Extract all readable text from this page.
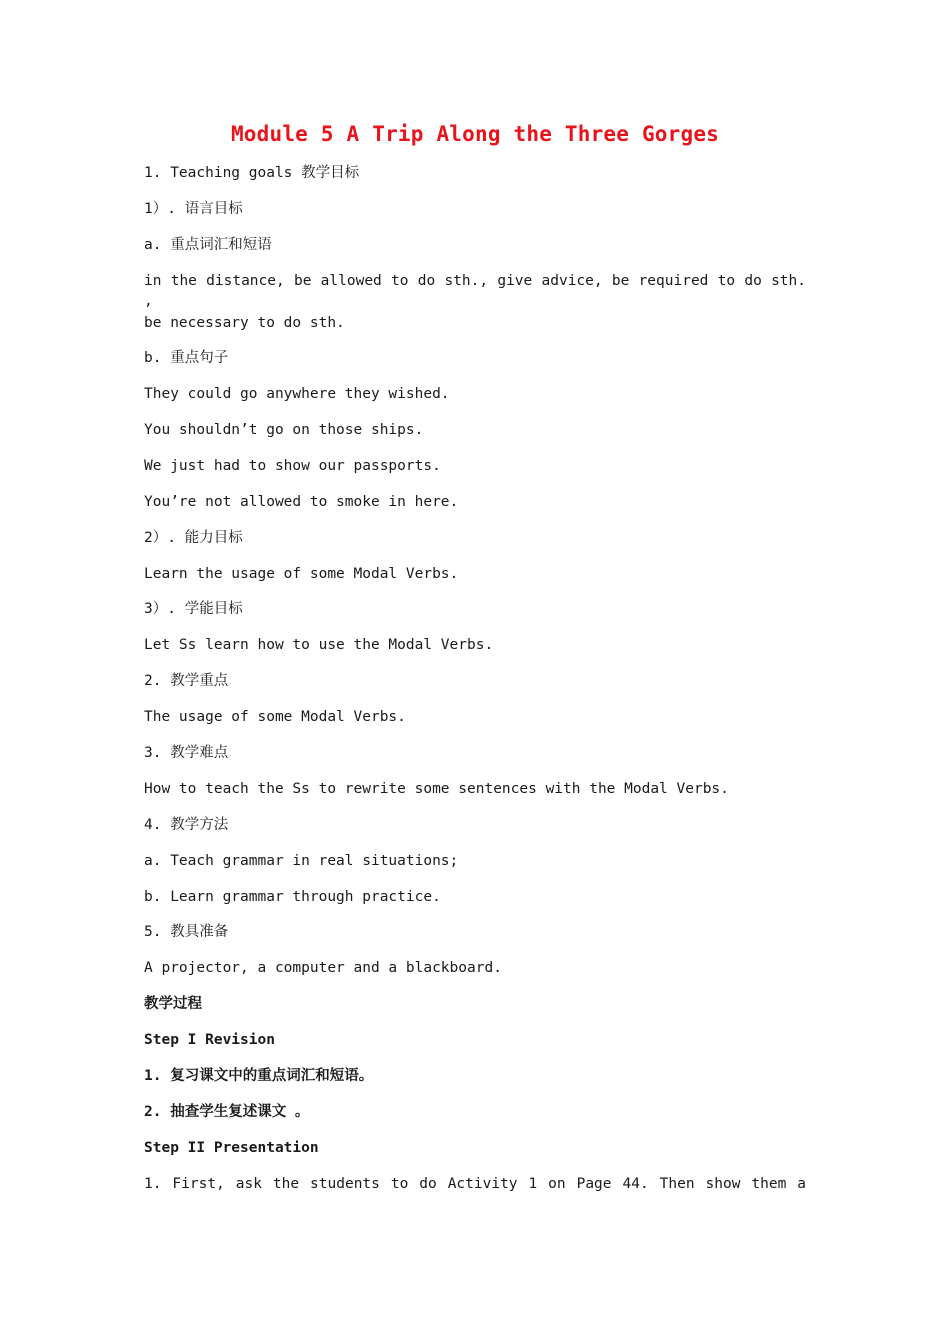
Module 5 A Trip Along the Three Gorges
1. Teaching goals 教学目标
1）. 语言目标
a. 重点词汇和短语
in the distance, be allowed to do sth., give advice, be required to do sth. ,
be necessary to do sth.
b. 重点句子
They could go anywhere they wished.
You shouldn’t go on those ships.
We just had to show our passports.
You’re not allowed to smoke in here.
2）. 能力目标
Learn the usage of some Modal Verbs.
3）. 学能目标
Let Ss learn how to use the Modal Verbs.
2. 教学重点
The usage of some Modal Verbs.
3. 教学难点
How to teach the Ss to rewrite some sentences with the Modal Verbs.
4. 教学方法
a. Teach grammar in real situations;
b. Learn grammar through practice.
5. 教具准备
A projector, a computer and a blackboard.
教学过程
Step I Revision
1. 复习课文中的重点词汇和短语。
2. 抽查学生复述课文 。
Step II Presentation
1. First, ask the students to do Activity 1 on Page 44. Then show them a
